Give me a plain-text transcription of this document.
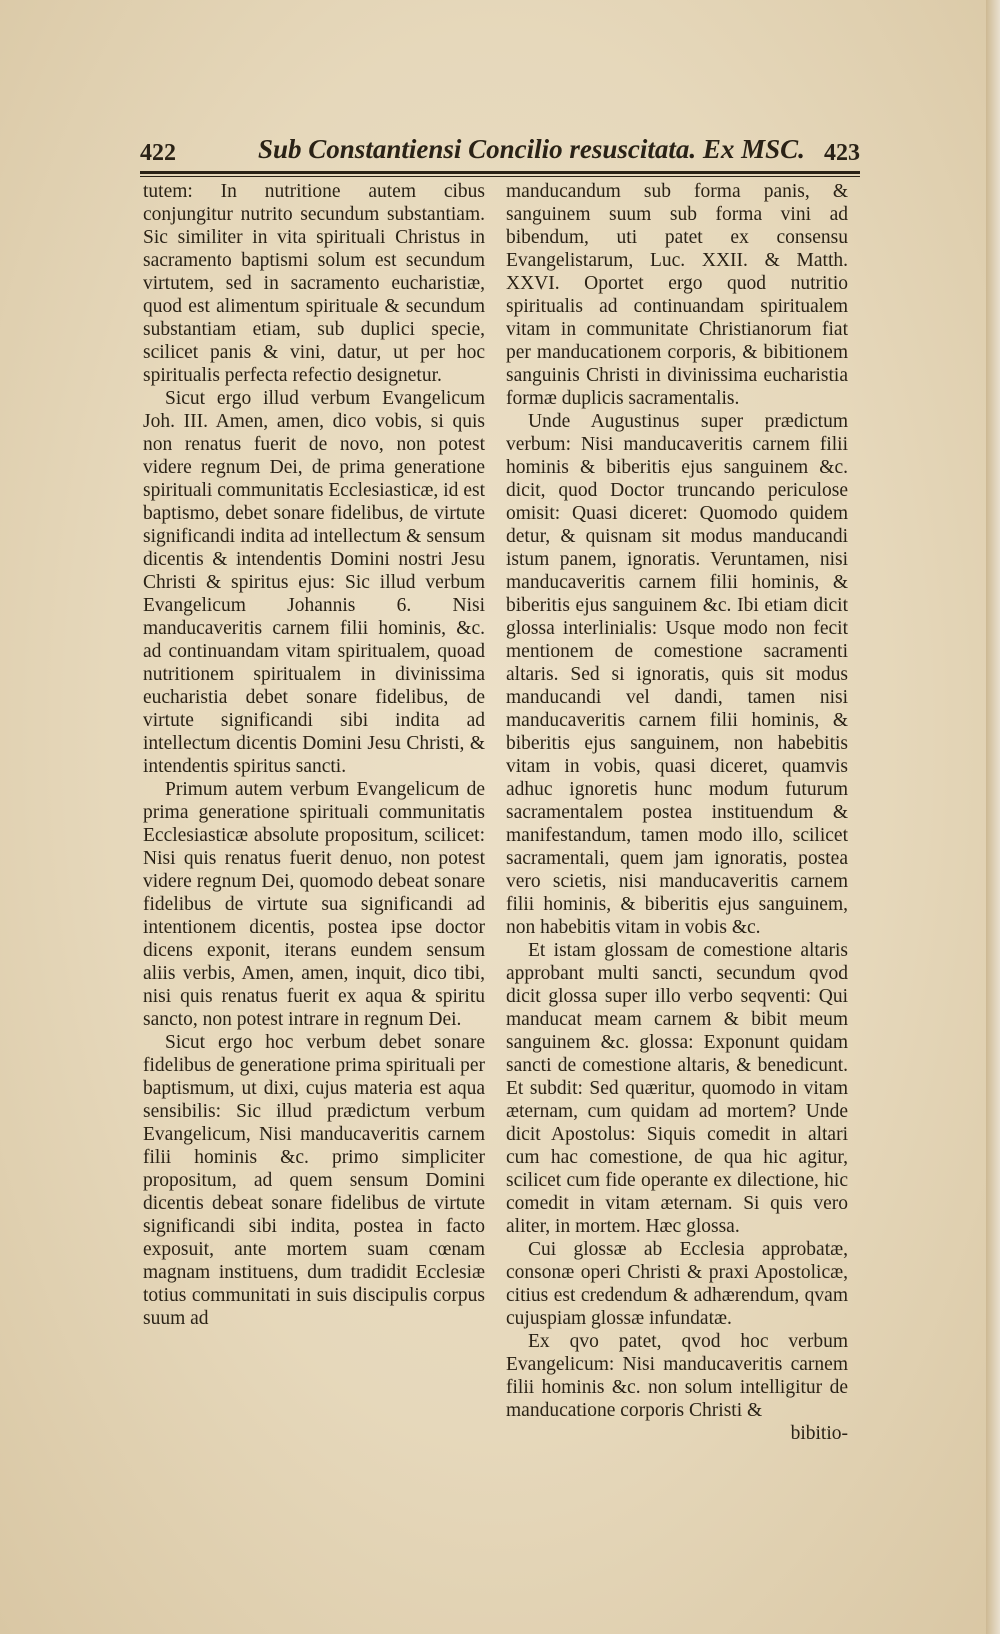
422	Sub Constantiensi Concilio resuscitata. Ex MSC. 423

tutem: In nutritione autem cibus conjungitur nutrito secundum substantiam. Sic similiter in vita spirituali Christus in sacramento baptismi solum est secundum virtutem, sed in sacramento eucharistiæ, quod est alimentum spirituale & secundum substantiam etiam, sub duplici specie, scilicet panis & vini, datur, ut per hoc spiritualis perfecta refectio designetur.

Sicut ergo illud verbum Evangelicum Joh. III. Amen, amen, dico vobis, si quis non renatus fuerit de novo, non potest videre regnum Dei, de prima generatione spirituali communitatis Ecclesiasticæ, id est baptismo, debet sonare fidelibus, de virtute significandi indita ad intellectum & sensum dicentis & intendentis Domini nostri Jesu Christi & spiritus ejus: Sic illud verbum Evangelicum Johannis 6. Nisi manducaveritis carnem filii hominis, &c. ad continuandam vitam spiritualem, quoad nutritionem spiritualem in divinissima eucharistia debet sonare fidelibus, de virtute significandi sibi indita ad intellectum dicentis Domini Jesu Christi, & intendentis spiritus sancti.

Primum autem verbum Evangelicum de prima generatione spirituali communitatis Ecclesiasticæ absolute propositum, scilicet: Nisi quis renatus fuerit denuo, non potest videre regnum Dei, quomodo debeat sonare fidelibus de virtute sua significandi ad intentionem dicentis, postea ipse doctor dicens exponit, iterans eundem sensum aliis verbis, Amen, amen, inquit, dico tibi, nisi quis renatus fuerit ex aqua & spiritu sancto, non potest intrare in regnum Dei.

Sicut ergo hoc verbum debet sonare fidelibus de generatione prima spirituali per baptismum, ut dixi, cujus materia est aqua sensibilis: Sic illud prædictum verbum Evangelicum, Nisi manducaveritis carnem filii hominis &c. primo simpliciter propositum, ad quem sensum Domini dicentis debeat sonare fidelibus de virtute significandi sibi indita, postea in facto exposuit, ante mortem suam cœnam magnam instituens, dum tradidit Ecclesiæ totius communitati in suis discipulis corpus suum ad

manducandum sub forma panis, & sanguinem suum sub forma vini ad bibendum, uti patet ex consensu Evangelistarum, Luc. XXII. & Matth. XXVI. Oportet ergo quod nutritio spiritualis ad continuandam spiritualem vitam in communitate Christianorum fiat per manducationem corporis, & bibitionem sanguinis Christi in divinissima eucharistia formæ duplicis sacramentalis.

Unde Augustinus super prædictum verbum: Nisi manducaveritis carnem filii hominis & biberitis ejus sanguinem &c. dicit, quod Doctor truncando periculose omisit: Quasi diceret: Quomodo quidem detur, & quisnam sit modus manducandi istum panem, ignoratis. Veruntamen, nisi manducaveritis carnem filii hominis, & biberitis ejus sanguinem &c. Ibi etiam dicit glossa interlinialis: Usque modo non fecit mentionem de comestione sacramenti altaris. Sed si ignoratis, quis sit modus manducandi vel dandi, tamen nisi manducaveritis carnem filii hominis, & biberitis ejus sanguinem, non habebitis vitam in vobis, quasi diceret, quamvis adhuc ignoretis hunc modum futurum sacramentalem postea instituendum & manifestandum, tamen modo illo, scilicet sacramentali, quem jam ignoratis, postea vero scietis, nisi manducaveritis carnem filii hominis, & biberitis ejus sanguinem, non habebitis vitam in vobis &c.

Et istam glossam de comestione altaris approbant multi sancti, secundum qvod dicit glossa super illo verbo seqventi: Qui manducat meam carnem & bibit meum sanguinem &c. glossa: Exponunt quidam sancti de comestione altaris, & benedicunt. Et subdit: Sed quæritur, quomodo in vitam æternam, cum quidam ad mortem? Unde dicit Apostolus: Siquis comedit in altari cum hac comestione, de qua hic agitur, scilicet cum fide operante ex dilectione, hic comedit in vitam æternam. Si quis vero aliter, in mortem. Hæc glossa.

Cui glossæ ab Ecclesia approbatæ, consonæ operi Christi & praxi Apostolicæ, citius est credendum & adhærendum, qvam cujuspiam glossæ infundatæ.

Ex qvo patet, qvod hoc verbum Evangelicum: Nisi manducaveritis carnem filii hominis &c. non solum intelligitur de manducatione corporis Christi &

bibitio-
